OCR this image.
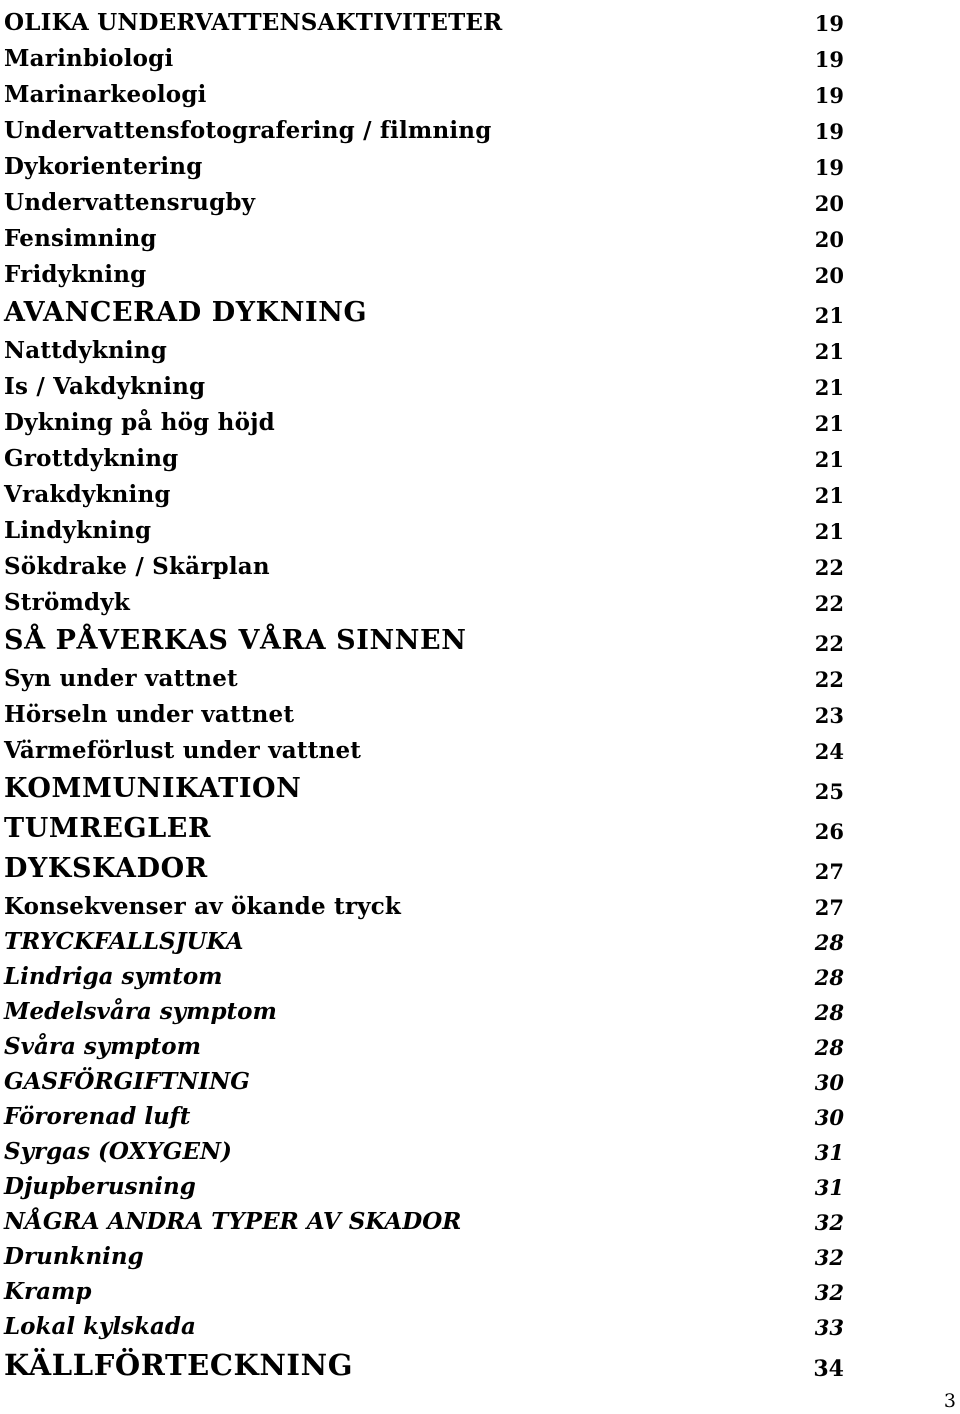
OLIKA UNDERVATTENSAKTIVITETER	19
Marinbiologi	19
Marinarkeologi	19
Undervattensfotografering / filmning	19
Dykorientering	19
Undervattensrugby	20
Fensimning	20
Fridykning	20
AVANCERAD DYKNING	21
Nattdykning	21
Is / Vakdykning	21
Dykning på hög höjd	21
Grottdykning	21
Vrakdykning	21
Lindykning	21
Sökdrake / Skärplan	22
Strömdyk	22
SÅ PÅVERKAS VÅRA SINNEN	22
Syn under vattnet	22
Hörseln under vattnet	23
Värmeförlust under vattnet	24
KOMMUNIKATION	25
TUMREGLER	26
DYKSKADOR	27
Konsekvenser av ökande tryck	27
TRYCKFALLSJUKA	28
Lindriga symtom	28
Medelsvåra symptom	28
Svåra symptom	28
GASFÖRGIFTNING	30
Förorenad luft	30
Syrgas (OXYGEN)	31
Djupberusning	31
NÅGRA ANDRA TYPER AV SKADOR	32
Drunkning	32
Kramp	32
Lokal kylskada	33
KÄLLFÖRTECKNING	34
3
